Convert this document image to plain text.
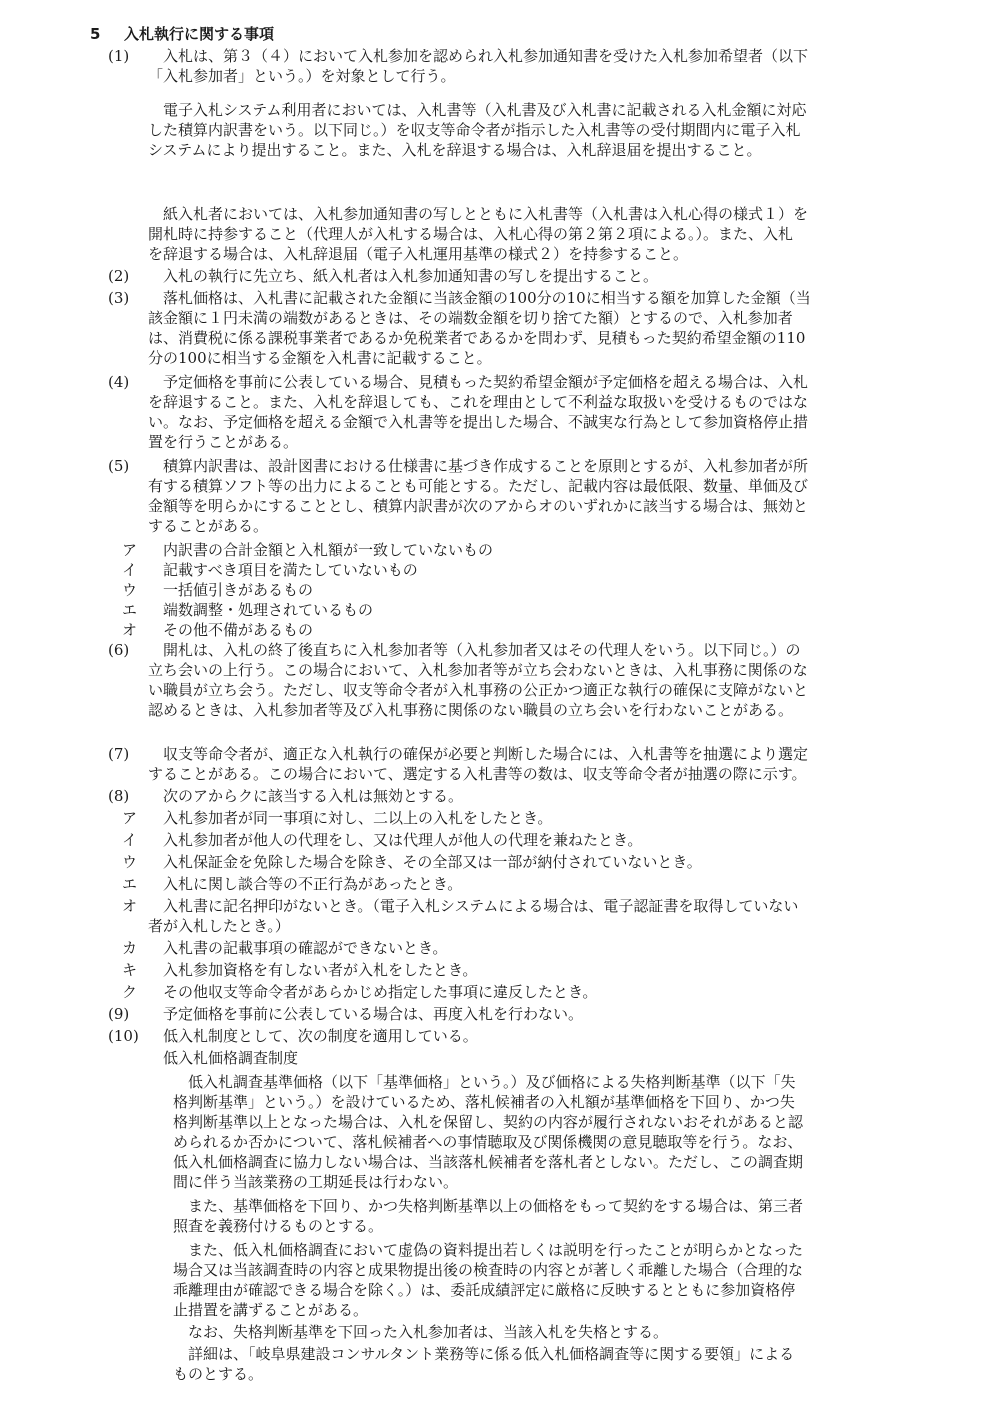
5 入札執行に関する事項
(1) 入札は、第３（４）において入札参加を認められ入札参加通知書を受けた入札参加希望者（以下
「入札参加者」という。）を対象として行う。
電子入札システム利用者においては、入札書等（入札書及び入札書に記載される入札金額に対応
した積算内訳書をいう。以下同じ。）を収支等命令者が指示した入札書等の受付期間内に電子入札
システムにより提出すること。また、入札を辞退する場合は、入札辞退届を提出すること。
紙入札者においては、入札参加通知書の写しとともに入札書等（入札書は入札心得の様式１）を
開札時に持参すること（代理人が入札する場合は、入札心得の第２第２項による。）。また、入札
を辞退する場合は、入札辞退届（電子入札運用基準の様式２）を持参すること。
(2) 入札の執行に先立ち、紙入札者は入札参加通知書の写しを提出すること。
(3) 落札価格は、入札書に記載された金額に当該金額の100分の10に相当する額を加算した金額（当
該金額に１円未満の端数があるときは、その端数金額を切り捨てた額）とするので、入札参加者
は、消費税に係る課税事業者であるか免税業者であるかを問わず、見積もった契約希望金額の110
分の100に相当する金額を入札書に記載すること。
(4) 予定価格を事前に公表している場合、見積もった契約希望金額が予定価格を超える場合は、入札
を辞退すること。また、入札を辞退しても、これを理由として不利益な取扱いを受けるものではな
い。なお、予定価格を超える金額で入札書等を提出した場合、不誠実な行為として参加資格停止措
置を行うことがある。
(5) 積算内訳書は、設計図書における仕様書に基づき作成することを原則とするが、入札参加者が所
有する積算ソフト等の出力によることも可能とする。ただし、記載内容は最低限、数量、単価及び
金額等を明らかにすることとし、積算内訳書が次のアからオのいずれかに該当する場合は、無効と
することがある。
ア 内訳書の合計金額と入札額が一致していないもの
イ 記載すべき項目を満たしていないもの
ウ 一括値引きがあるもの
エ 端数調整・処理されているもの
オ その他不備があるもの
(6) 開札は、入札の終了後直ちに入札参加者等（入札参加者又はその代理人をいう。以下同じ。）の
立ち会いの上行う。この場合において、入札参加者等が立ち会わないときは、入札事務に関係のな
い職員が立ち会う。ただし、収支等命令者が入札事務の公正かつ適正な執行の確保に支障がないと
認めるときは、入札参加者等及び入札事務に関係のない職員の立ち会いを行わないことがある。
(7) 収支等命令者が、適正な入札執行の確保が必要と判断した場合には、入札書等を抽選により選定
することがある。この場合において、選定する入札書等の数は、収支等命令者が抽選の際に示す。
(8) 次のアからクに該当する入札は無効とする。
ア 入札参加者が同一事項に対し、二以上の入札をしたとき。
イ 入札参加者が他人の代理をし、又は代理人が他人の代理を兼ねたとき。
ウ 入札保証金を免除した場合を除き、その全部又は一部が納付されていないとき。
エ 入札に関し談合等の不正行為があったとき。
オ 入札書に記名押印がないとき。（電子入札システムによる場合は、電子認証書を取得していない
者が入札したとき。）
カ 入札書の記載事項の確認ができないとき。
キ 入札参加資格を有しない者が入札をしたとき。
ク その他収支等命令者があらかじめ指定した事項に違反したとき。
(9) 予定価格を事前に公表している場合は、再度入札を行わない。
(10) 低入札制度として、次の制度を適用している。
低入札価格調査制度
低入札調査基準価格（以下「基準価格」という。）及び価格による失格判断基準（以下「失
格判断基準」という。）を設けているため、落札候補者の入札額が基準価格を下回り、かつ失
格判断基準以上となった場合は、入札を保留し、契約の内容が履行されないおそれがあると認
められるか否かについて、落札候補者への事情聴取及び関係機関の意見聴取等を行う。なお、
低入札価格調査に協力しない場合は、当該落札候補者を落札者としない。ただし、この調査期
間に伴う当該業務の工期延長は行わない。
また、基準価格を下回り、かつ失格判断基準以上の価格をもって契約をする場合は、第三者
照査を義務付けるものとする。
また、低入札価格調査において虚偽の資料提出若しくは説明を行ったことが明らかとなった
場合又は当該調査時の内容と成果物提出後の検査時の内容とが著しく乖離した場合（合理的な
乖離理由が確認できる場合を除く。）は、委託成績評定に厳格に反映するとともに参加資格停
止措置を講ずることがある。
なお、失格判断基準を下回った入札参加者は、当該入札を失格とする。
詳細は、「岐阜県建設コンサルタント業務等に係る低入札価格調査等に関する要領」による
ものとする。
